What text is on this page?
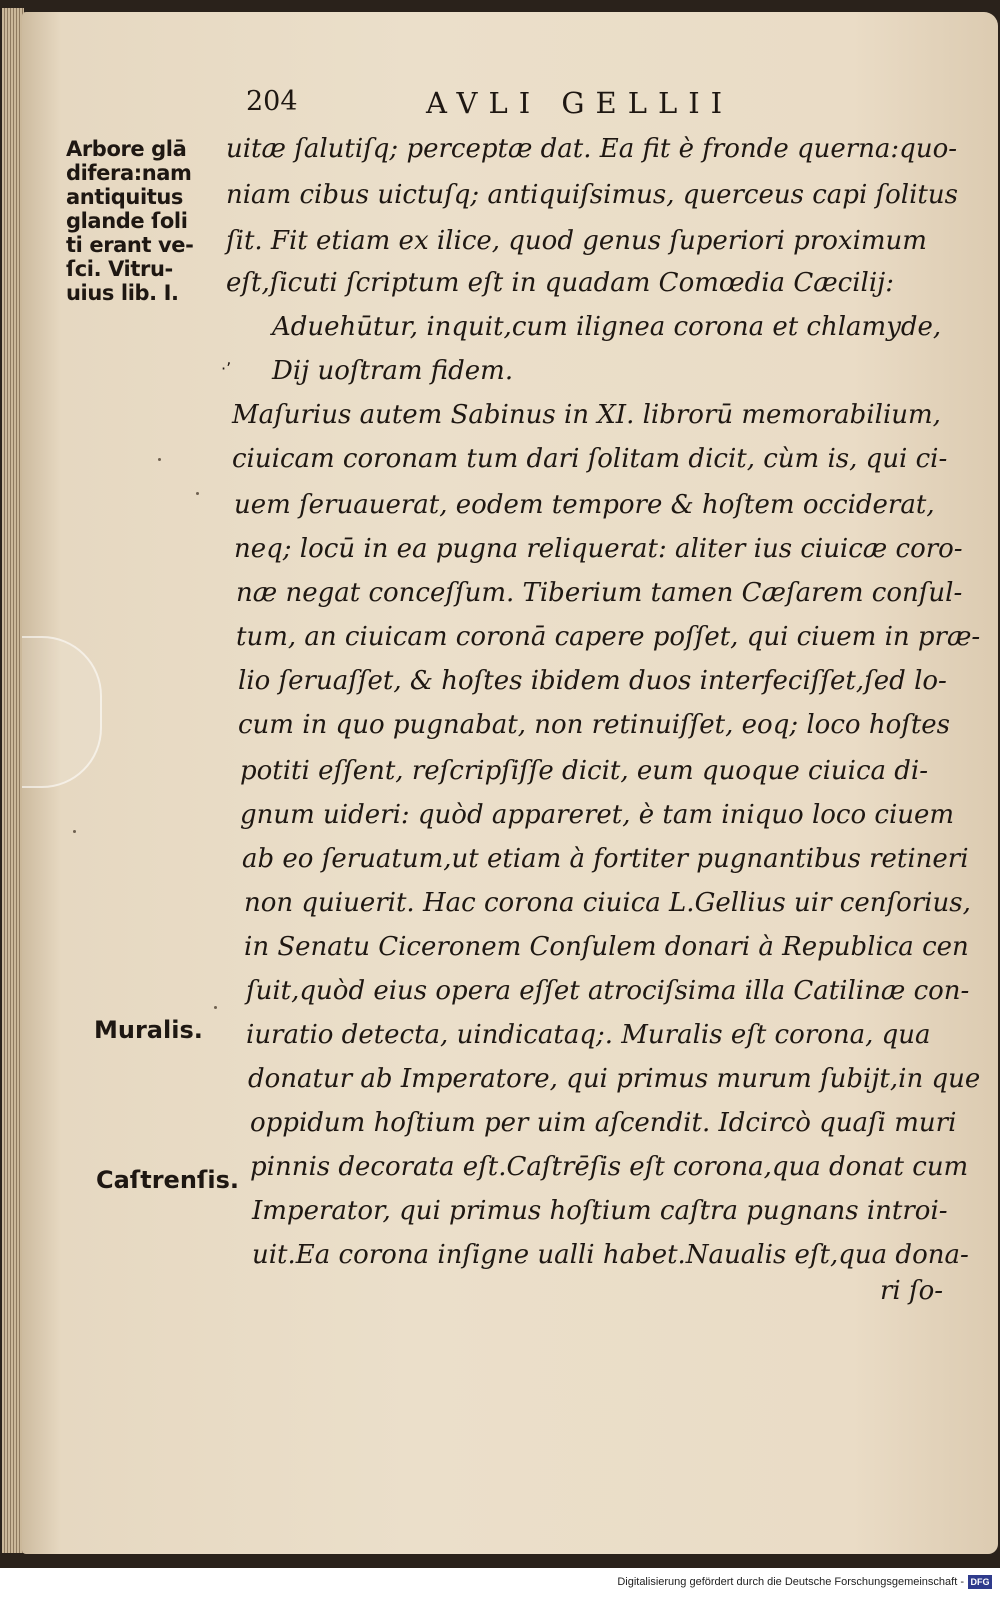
204	AVLI GELLII
Arbore glā
difera:nam
antiquitus
glande ſoli
ti erant ve-
ſci. Vitru-
uius lib. I.
Muralis.
Caſtrenſis.
·ʼ
uitæ ſalutiſq; perceptæ dat. Ea fit è fronde querna:quo-
niam cibus uictuſq; antiquiſsimus, querceus capi ſolitus
ſit. Fit etiam ex ilice, quod genus ſuperiori proximum
eſt,ſicuti ſcriptum eſt in quadam Comœdia Cæcilij:
Aduehūtur, inquit,cum ilignea corona et chlamyde,
Dij uoſtram fidem.
Maſurius autem Sabinus in XI. librorū memorabilium,
ciuicam coronam tum dari ſolitam dicit, cùm is, qui ci-
uem ſeruauerat, eodem tempore & hoſtem occiderat,
neq; locū in ea pugna reliquerat: aliter ius ciuicæ coro-
næ negat conceſſum. Tiberium tamen Cæſarem conſul-
tum, an ciuicam coronā capere poſſet, qui ciuem in præ-
lio ſeruaſſet, & hoſtes ibidem duos interfeciſſet,ſed lo-
cum in quo pugnabat, non retinuiſſet, eoq; loco hoſtes
potiti eſſent, reſcripſiſſe dicit, eum quoque ciuica di-
gnum uideri: quòd appareret, è tam iniquo loco ciuem
ab eo ſeruatum,ut etiam à fortiter pugnantibus retineri
non quiuerit. Hac corona ciuica L.Gellius uir cenſorius,
in Senatu Ciceronem Conſulem donari à Republica cen
ſuit,quòd eius opera eſſet atrociſsima illa Catilinæ con-
iuratio detecta, uindicataq;. Muralis eſt corona, qua
donatur ab Imperatore, qui primus murum ſubijt,in que
oppidum hoſtium per uim aſcendit. Idcircò quaſi muri
pinnis decorata eſt.Caſtrēſis eſt corona,qua donat cum
Imperator, qui primus hoſtium caſtra pugnans introi-
uit.Ea corona inſigne ualli habet.Naualis eſt,qua dona-
ri ſo-
Digitalisierung gefördert durch die Deutsche Forschungsgemeinschaft - DFG
